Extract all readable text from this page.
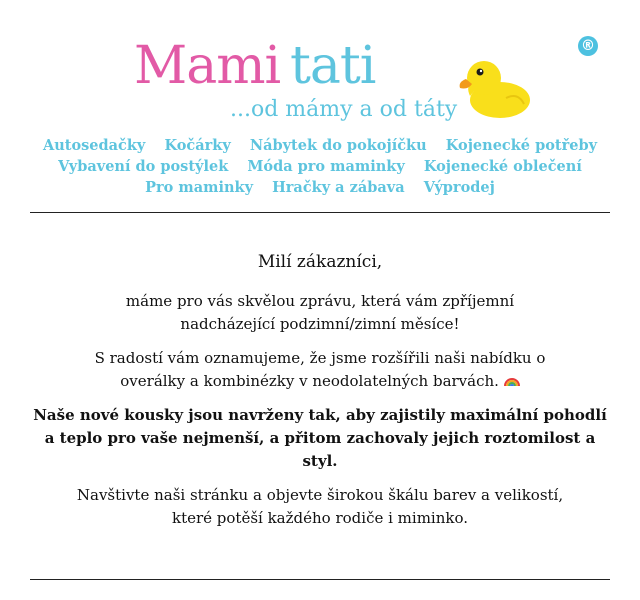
Mami tati
...od mámy a od táty
®
Autosedačky Kočárky Nábytek do pokojíčku Kojenecké potřeby
Vybavení do postýlek Móda pro maminky Kojenecké oblečení
Pro maminky Hračky a zábava Výprodej
Milí zákazníci,

máme pro vás skvělou zprávu, která vám zpříjemní nadcházející podzimní/zimní měsíce!

S radostí vám oznamujeme, že jsme rozšířili naši nabídku o overálky a kombinézky v neodolatelných barvách.

Naše nové kousky jsou navrženy tak, aby zajistily maximální pohodlí a teplo pro vaše nejmenší, a přitom zachovaly jejich roztomilost a styl.

Navštivte naši stránku a objevte širokou škálu barev a velikostí,
které potěší každého rodiče i miminko.
